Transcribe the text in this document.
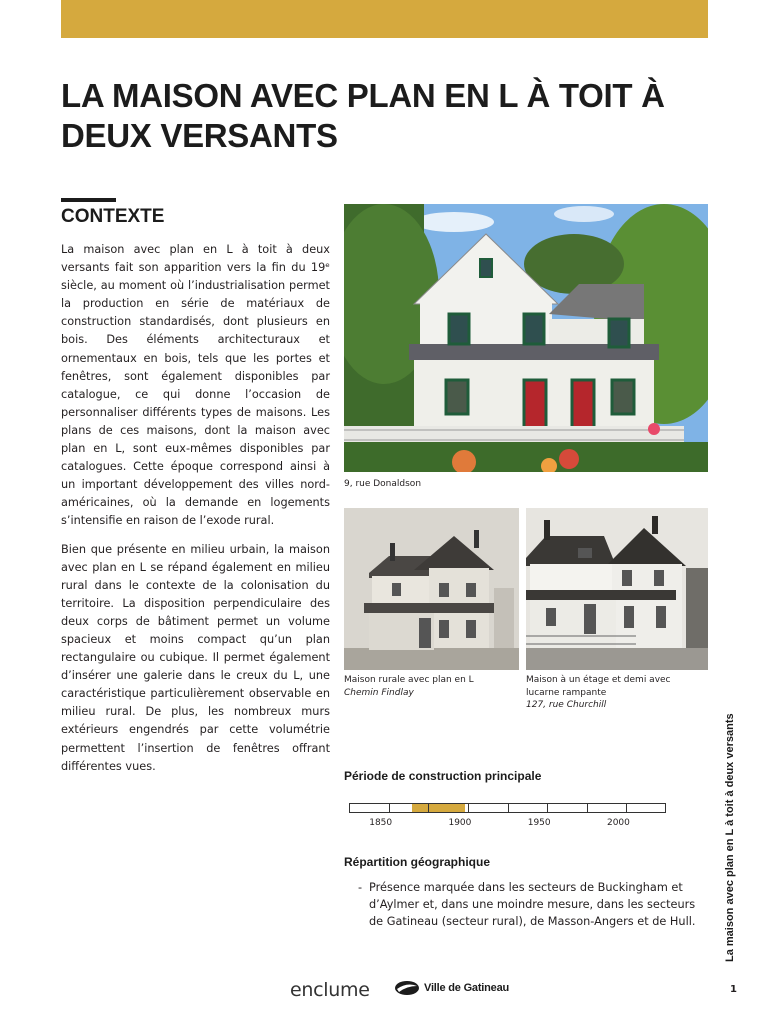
LA MAISON AVEC PLAN EN L À TOIT À DEUX VERSANTS
CONTEXTE

La maison avec plan en L à toit à deux versants fait son apparition vers la fin du 19ᵉ siècle, au moment où l’industrialisation permet la production en série de matériaux de construction standardisés, dont plusieurs en bois. Des éléments architecturaux et ornementaux en bois, tels que les portes et fenêtres, sont également disponibles par catalogue, ce qui donne l’occasion de personnaliser différents types de maisons. Les plans de ces maisons, dont la maison avec plan en L, sont eux-mêmes disponibles par catalogues. Cette époque correspond ainsi à un important développement des villes nord-américaines, où la demande en logements s’intensifie en raison de l’exode rural.

Bien que présente en milieu urbain, la maison avec plan en L se répand également en milieu rural dans le contexte de la colonisation du territoire. La disposition perpendiculaire des deux corps de bâtiment permet un volume spacieux et moins compact qu’un plan rectangulaire ou cubique. Il permet également d’insérer une galerie dans le creux du L, une caractéristique particulièrement observable en milieu rural. De plus, les nombreux murs extérieurs engendrés par cette volumétrie permettent l’insertion de fenêtres offrant différentes vues.

9, rue Donaldson
Maison rurale avec plan en L
Chemin Findlay
Maison à un étage et demi avec
lucarne rampante
127, rue Churchill
Période de construction principale
1850	1900	1950	2000
Répartition géographique
- Présence marquée dans les secteurs de Buckingham et d’Aylmer et, dans une moindre mesure, dans les secteurs de Gatineau (secteur rural), de Masson-Angers et de Hull.	La maison avec plan en L à toit à deux versants
1
enclume	Ville de Gatineau
